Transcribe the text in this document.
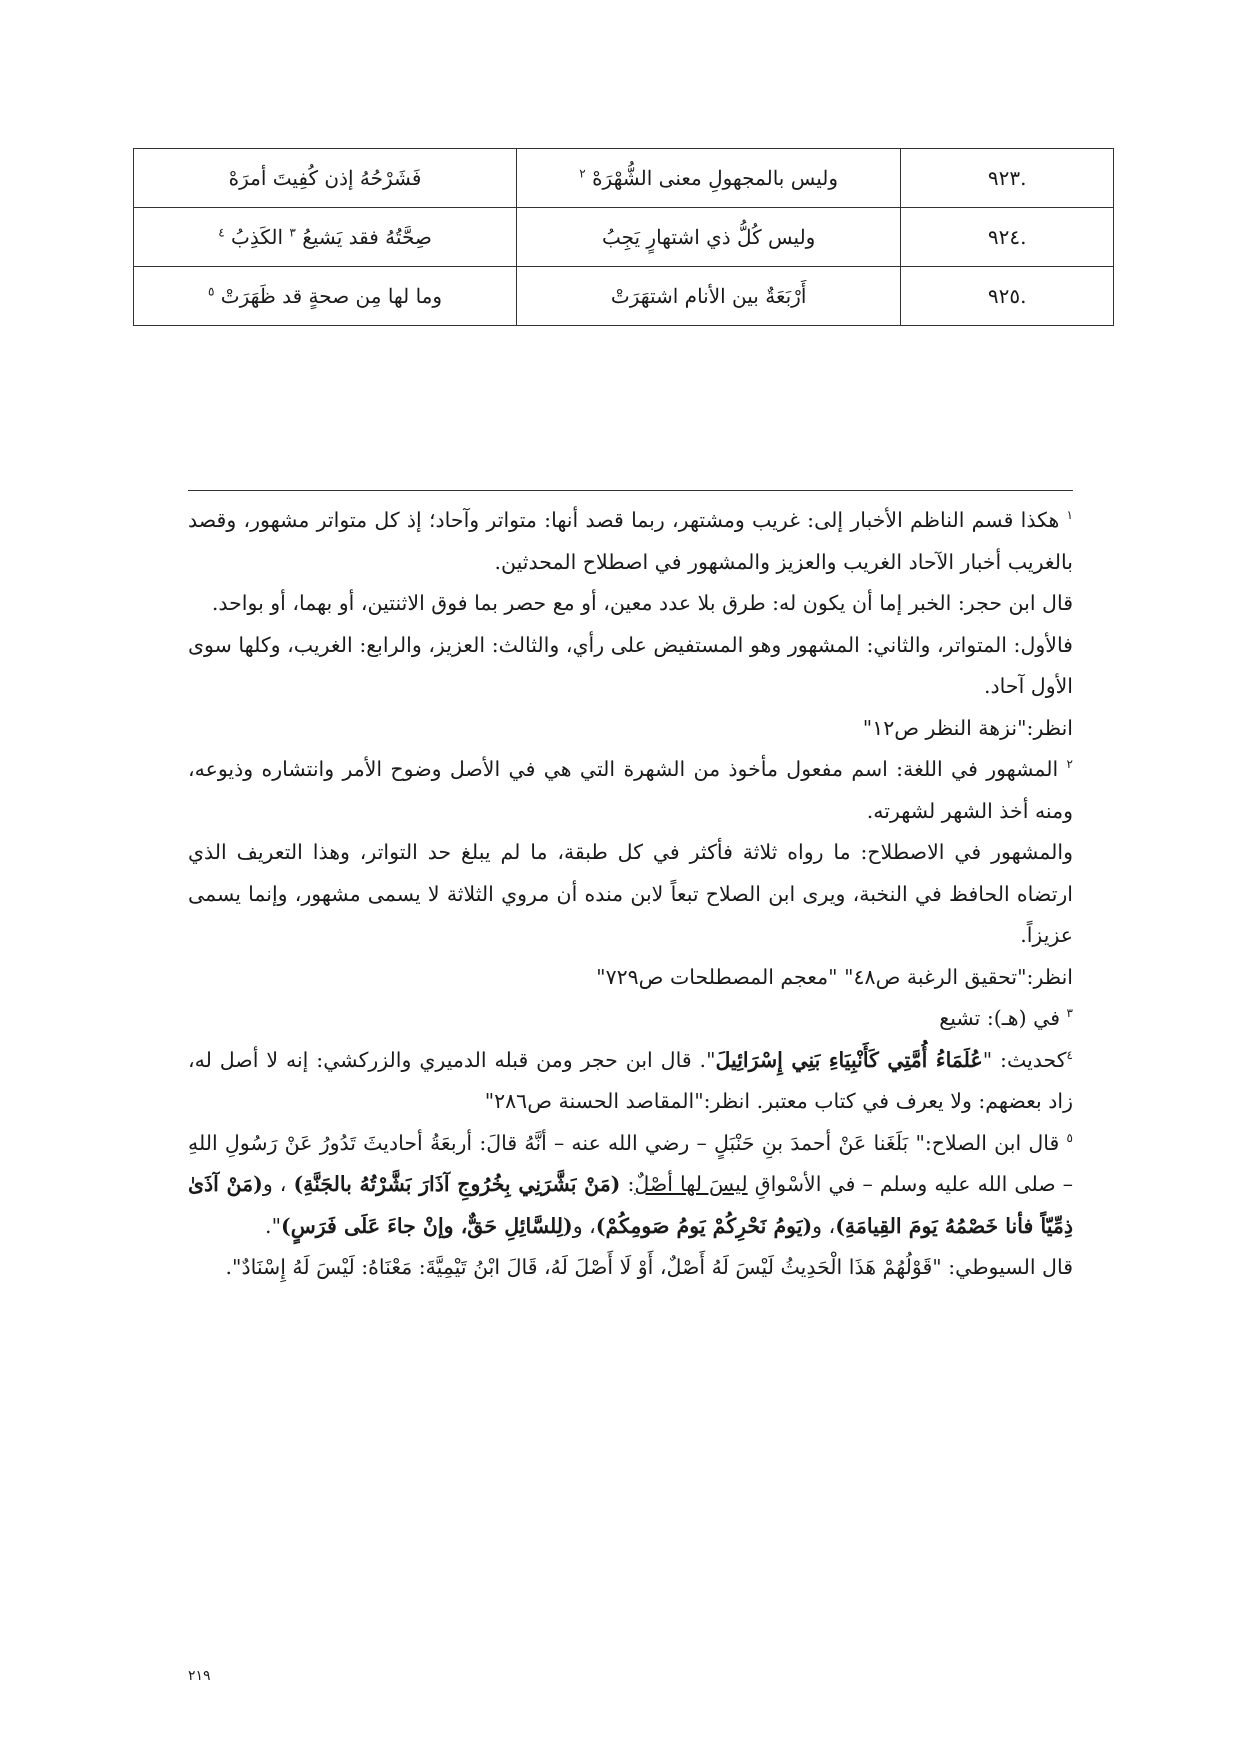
.٩٢٣	وليس بالمجهولِ معنى الشُّهْرَهْ $^٢$	فَشَرْحُهُ إذن كُفِيتَ أمرَهْ
.٩٢٤	وليس كُلُّ ذي اشتهارٍ يَجِبُ	صِحَّتُهُ فقد يَشيعُ $^٣$ الكَذِبُ $^٤$
.٩٢٥	أَرْبَعَةٌ بين الأنام اشتهَرَتْ	وما لها مِن صحةٍ قد ظَهَرَتْ $^٥$

$^١$ هكذا قسم الناظم الأخبار إلى: غريب ومشتهر، ربما قصد أنها: متواتر وآحاد؛ إذ كل متواتر مشهور، وقصد بالغريب أخبار الآحاد الغريب والعزيز والمشهور في اصطلاح المحدثين.

قال ابن حجر: الخبر إما أن يكون له: طرق بلا عدد معين، أو مع حصر بما فوق الاثنتين، أو بهما، أو بواحد.

فالأول: المتواتر، والثاني: المشهور وهو المستفيض على رأي، والثالث: العزيز، والرابع: الغريب، وكلها سوى الأول آحاد.

انظر:"نزهة النظر ص١٢"

$^٢$ المشهور في اللغة: اسم مفعول مأخوذ من الشهرة التي هي في الأصل وضوح الأمر وانتشاره وذيوعه، ومنه أخذ الشهر لشهرته.

والمشهور في الاصطلاح: ما رواه ثلاثة فأكثر في كل طبقة، ما لم يبلغ حد التواتر، وهذا التعريف الذي ارتضاه الحافظ في النخبة، ويرى ابن الصلاح تبعاً لابن منده أن مروي الثلاثة لا يسمى مشهور، وإنما يسمى عزيزاً.

انظر:"تحقيق الرغبة ص٤٨" "معجم المصطلحات ص٧٢٩"

$^٣$ في (هـ): تشيع

$^٤$كحديث: "عُلَمَاءُ أُمَّتِي كَأَنْبِيَاءِ بَنِي إِسْرَائِيلَ". قال ابن حجر ومن قبله الدميري والزركشي: إنه لا أصل له، زاد بعضهم: ولا يعرف في كتاب معتبر. انظر:"المقاصد الحسنة ص٢٨٦"

$^٥$ قال ابن الصلاح:" بَلَغَنا عَنْ أحمدَ بنِ حَنْبَلٍ – رضي الله عنه – أنَّهُ قالَ: أربعَةُ أحاديثَ تَدُورُ عَنْ رَسُولِ اللهِ – صلى الله عليه وسلم – في الأسْواقِ ليسَ لها أصْلٌ: (مَنْ بَشَّرَنِي بِخُرُوجِ آذَارَ بَشَّرْتُهُ بالجَنَّةِ) ، و(مَنْ آذَىٰ ذِمِّيّاً فأنا خَصْمُهُ يَومَ القِيامَةِ)، و(يَومُ نَحْرِكُمْ يَومُ صَومِكُمْ)، و(لِلسَّائِلِ حَقٌّ، وإنْ جاءَ عَلَى فَرَسٍ)".

قال السيوطي: "قَوْلُهُمْ هَذَا الْحَدِيثُ لَيْسَ لَهُ أَصْلٌ، أَوْ لَا أَصْلَ لَهُ، قَالَ ابْنُ تَيْمِيَّةَ: مَعْنَاهُ: لَيْسَ لَهُ إِسْنَادٌ".

٢١٩
